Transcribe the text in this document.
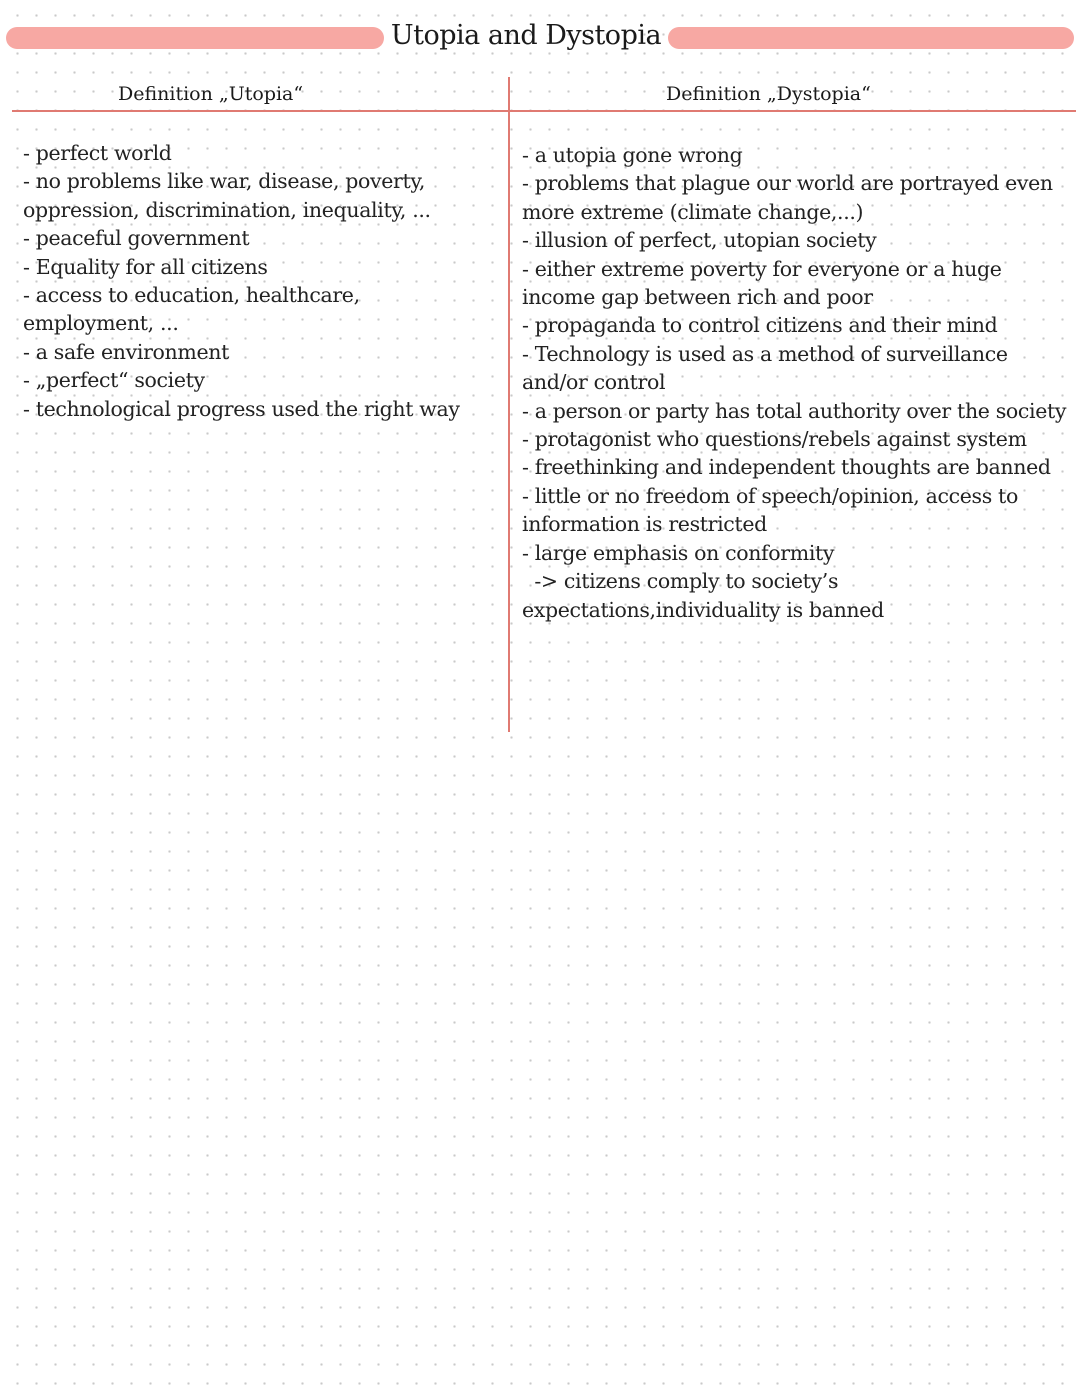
Utopia and Dystopia
Definition „Utopia“	Definition „Dystopia“
- perfect world
- no problems like war, disease, poverty, oppression, discrimination, inequality, ...
- peaceful government
- Equality for all citizens
- access to education, healthcare, employment, ...
- a safe environment
- „perfect“ society
- technological progress used the right way
- a utopia gone wrong
- problems that plague our world are portrayed even more extreme (climate change,...)
- illusion of perfect, utopian society
- either extreme poverty for everyone or a huge income gap between rich and poor
- propaganda to control citizens and their mind
- Technology is used as a method of surveillance and/or control
- a person or party has total authority over the society
- protagonist who questions/rebels against system
- freethinking and independent thoughts are banned
- little or no freedom of speech/opinion, access to information is restricted
- large emphasis on conformity
-> citizens comply to society’s expectations,individuality is banned
